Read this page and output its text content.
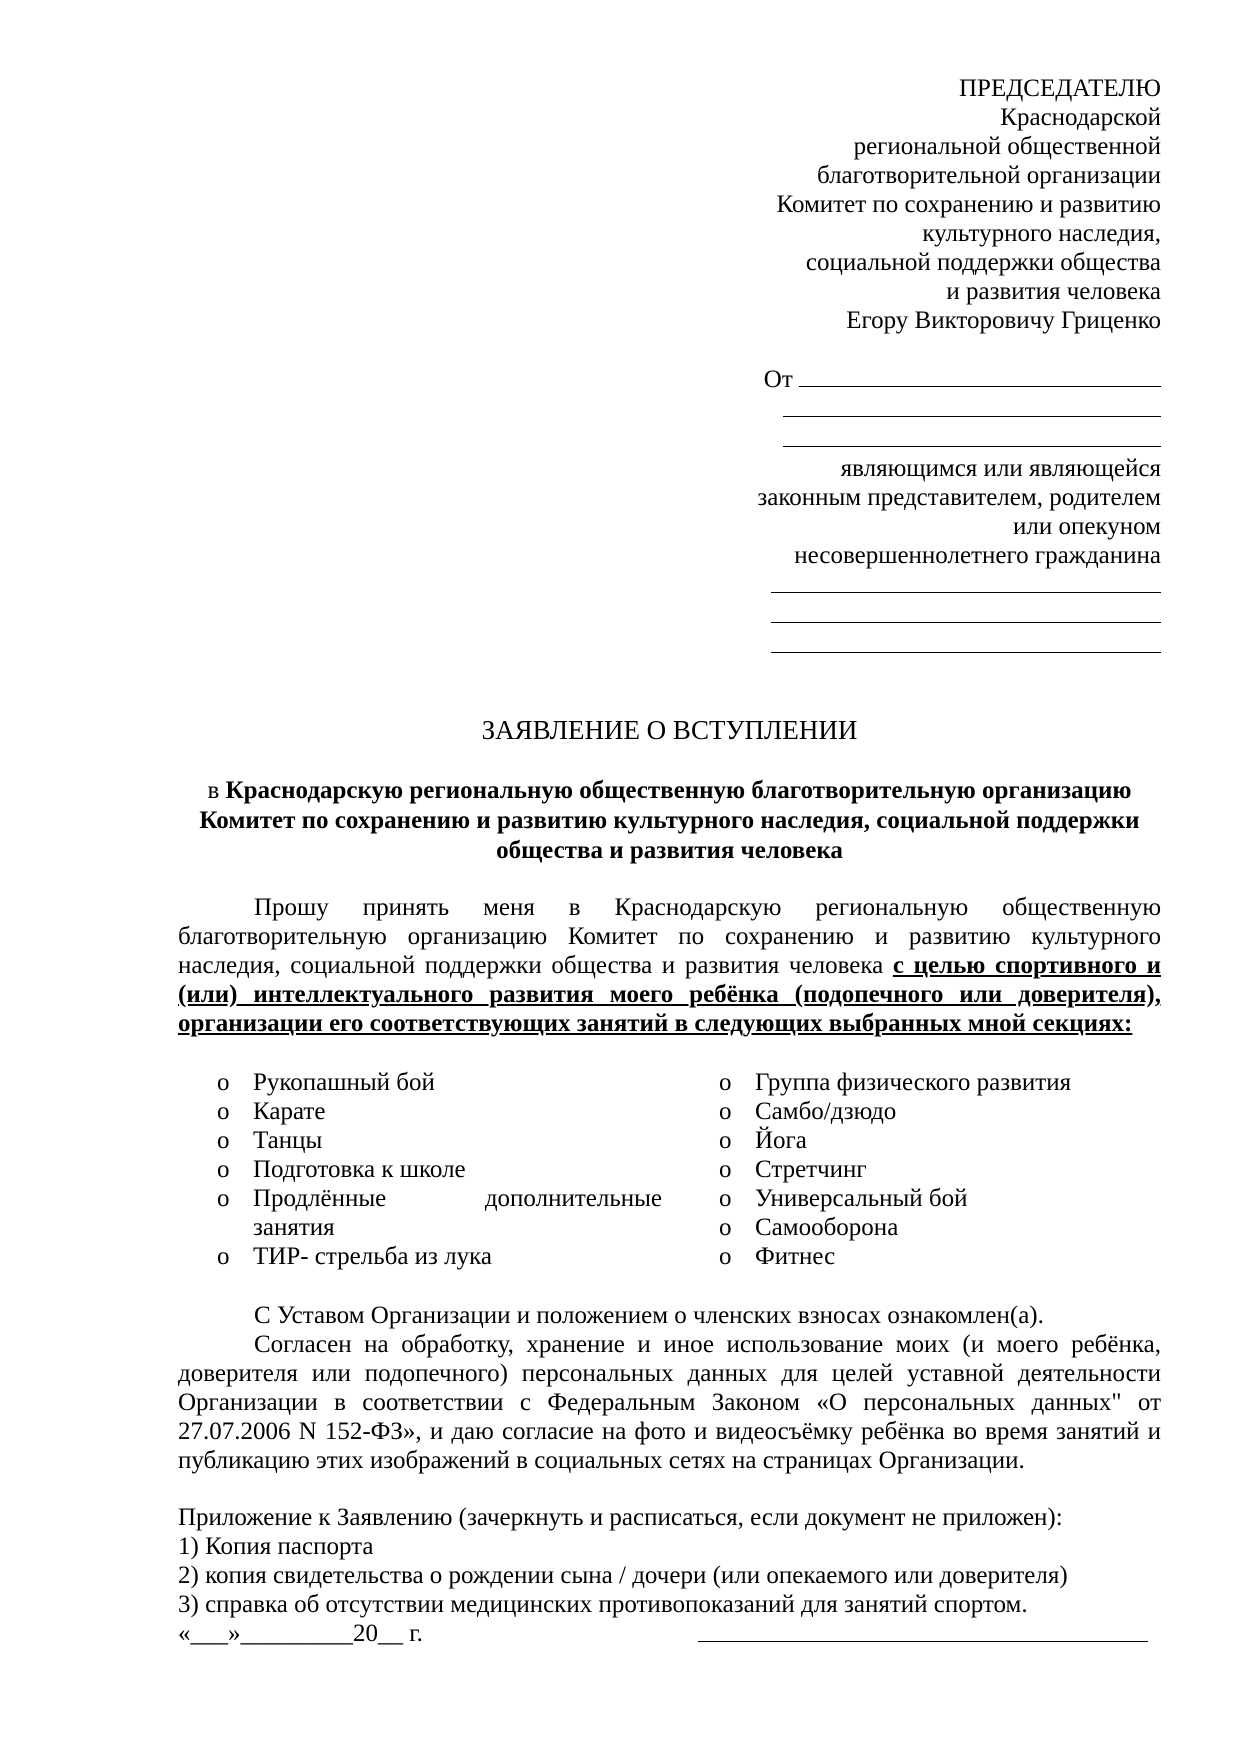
ПРЕДСЕДАТЕЛЮ
Краснодарской
региональной общественной
благотворительной организации
Комитет по сохранению и развитию
культурного наследия,
социальной поддержки общества
и развития человека
Егору Викторовичу Гриценко
От
являющимся или являющейся
законным представителем, родителем
или опекуном
несовершеннолетнего гражданина
ЗАЯВЛЕНИЕ О ВСТУПЛЕНИИ
в Краснодарскую региональную общественную благотворительную организацию Комитет по сохранению и развитию культурного наследия, социальной поддержки общества и развития человека
Прошу принять меня в Краснодарскую региональную общественную благотворительную организацию Комитет по сохранению и развитию культурного наследия, социальной поддержки общества и развития человека с целью спортивного и (или) интеллектуального развития моего ребёнка (подопечного или доверителя), организации его соответствующих занятий в следующих выбранных мной секциях:
o Рукопашный бой
o Карате
o Танцы
o Подготовка к школе
o Продлённые дополнительные занятия
o ТИР- стрельба из лука
o Группа физического развития
o Самбо/дзюдо
o Йога
o Стретчинг
o Универсальный бой
o Самооборона
o Фитнес
С Уставом Организации и положением о членских взносах ознакомлен(а).
Согласен на обработку, хранение и иное использование моих (и моего ребёнка, доверителя или подопечного) персональных данных для целей уставной деятельности Организации в соответствии с Федеральным Законом «О персональных данных" от 27.07.2006 N 152-ФЗ», и даю согласие на фото и видеосъёмку ребёнка во время занятий и публикацию этих изображений в социальных сетях на страницах Организации.
Приложение к Заявлению (зачеркнуть и расписаться, если документ не приложен):
1) Копия паспорта
2) копия свидетельства о рождении сына / дочери (или опекаемого или доверителя)
3) справка об отсутствии медицинских противопоказаний для занятий спортом.
«___»_________20__ г.
